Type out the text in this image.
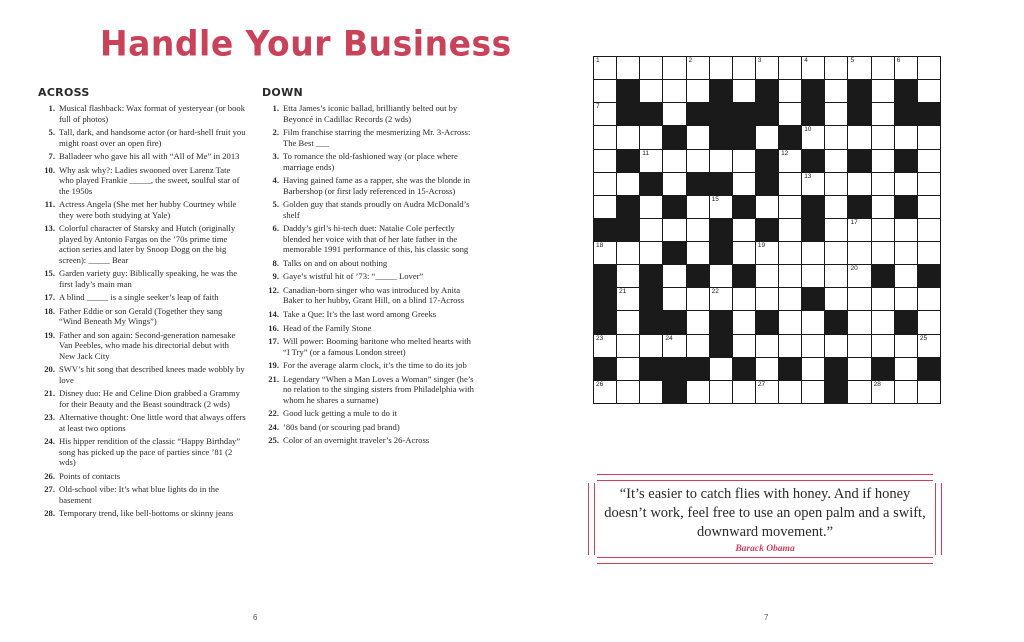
Handle Your Business
ACROSS
1. Musical flashback: Wax format of yesteryear (or book full of photos)
5. Tall, dark, and handsome actor (or hard-shell fruit you might roast over an open fire)
7. Balladeer who gave his all with “All of Me” in 2013
10. Why ask why?: Ladies swooned over Larenz Tate who played Frankie _____, the sweet, soulful star of the 1950s
11. Actress Angela (She met her hubby Courtney while they were both studying at Yale)
13. Colorful character of Starsky and Hutch (originally played by Antonio Fargas on the ’70s prime time action series and later by Snoop Dogg on the big screen): _____ Bear
15. Garden variety guy: Biblically speaking, he was the first lady’s main man
17. A blind _____ is a single seeker’s leap of faith
18. Father Eddie or son Gerald (Together they sang “Wind Beneath My Wings”)
19. Father and son again: Second-generation namesake Van Peebles, who made his directorial debut with New Jack City
20. SWV’s hit song that described knees made wobbly by love
21. Disney duo: He and Celine Dion grabbed a Grammy for their Beauty and the Beast soundtrack (2 wds)
23. Alternative thought: One little word that always offers at least two options
24. His hipper rendition of the classic “Happy Birthday” song has picked up the pace of parties since ’81 (2 wds)
26. Points of contacts
27. Old-school vibe: It’s what blue lights do in the basement
28. Temporary trend, like bell-bottoms or skinny jeans
DOWN
1. Etta James’s iconic ballad, brilliantly belted out by Beyoncé in Cadillac Records (2 wds)
2. Film franchise starring the mesmerizing Mr. 3-Across: The Best ___
3. To romance the old-fashioned way (or place where marriage ends)
4. Having gained fame as a rapper, she was the blonde in Barbershop (or first lady referenced in 15-Across)
5. Golden guy that stands proudly on Audra McDonald’s shelf
6. Daddy’s girl’s hi-tech duet: Natalie Cole perfectly blended her voice with that of her late father in the memorable 1991 performance of this, his classic song
8. Talks on and on about nothing
9. Gaye’s wistful hit of ’73: “_____ Lover”
12. Canadian-born singer who was introduced by Anita Baker to her hubby, Grant Hill, on a blind 17-Across
14. Take a Que: It’s the last word among Greeks
16. Head of the Family Stone
17. Will power: Booming baritone who melted hearts with “I Try” (or a famous London street)
19. For the average alarm clock, it’s the time to do its job
21. Legendary “When a Man Loves a Woman” singer (he’s no relation to the singing sisters from Philadelphia with whom he shares a surname)
22. Good luck getting a mule to do it
24. ’80s band (or scouring pad brand)
25. Color of an overnight traveler’s 26-Across
1	2	3	4	5	6
7
10
11	12
13
15
17
18	19
20
21	22
23	24	25
26	27	28

“It’s easier to catch flies with honey. And if honey doesn’t work, feel free to use an open palm and a swift, downward movement.”

Barack Obama
6	7
